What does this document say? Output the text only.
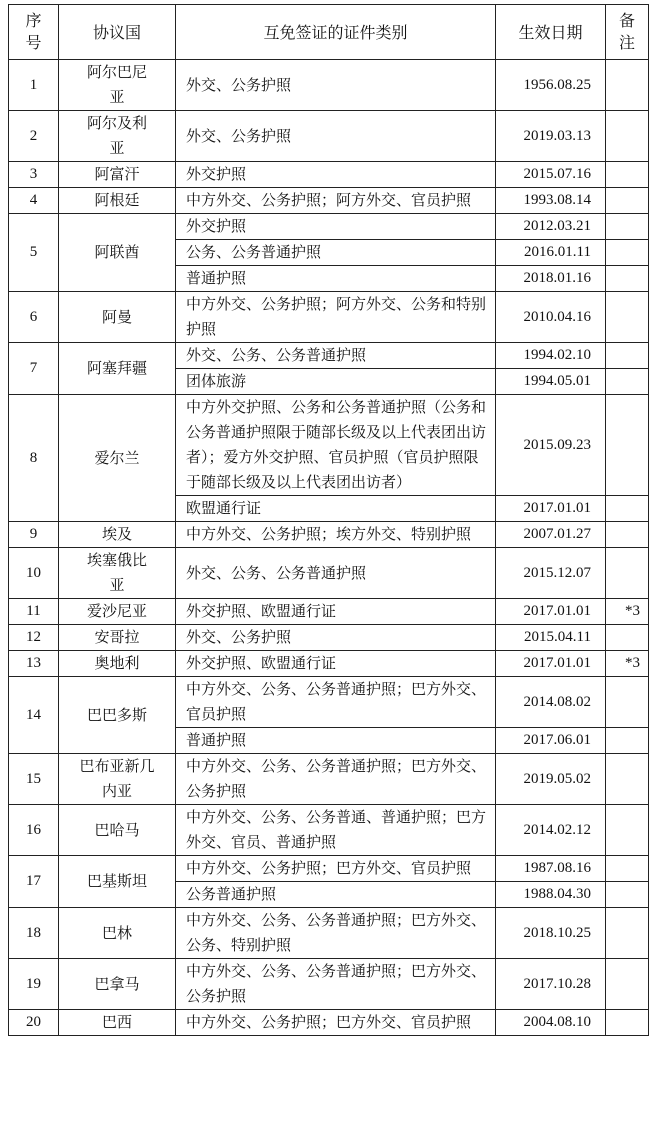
序号	协议国	互免签证的证件类别	生效日期	备注
1	阿尔巴尼亚	外交、公务护照	1956.08.25	
2	阿尔及利亚	外交、公务护照	2019.03.13	
3	阿富汗	外交护照	2015.07.16	
4	阿根廷	中方外交、公务护照；阿方外交、官员护照	1993.08.14	
5	阿联酋	外交护照	2012.03.21	
		公务、公务普通护照	2016.01.11	
		普通护照	2018.01.16	
6	阿曼	中方外交、公务护照；阿方外交、公务和特别护照	2010.04.16	
7	阿塞拜疆	外交、公务、公务普通护照	1994.02.10	
		团体旅游	1994.05.01	
8	爱尔兰	中方外交护照、公务和公务普通护照（公务和公务普通护照限于随部长级及以上代表团出访者）；爱方外交护照、官员护照（官员护照限于随部长级及以上代表团出访者）	2015.09.23	
		欧盟通行证	2017.01.01	
9	埃及	中方外交、公务护照；埃方外交、特别护照	2007.01.27	
10	埃塞俄比亚	外交、公务、公务普通护照	2015.12.07	
11	爱沙尼亚	外交护照、欧盟通行证	2017.01.01	*3
12	安哥拉	外交、公务护照	2015.04.11	
13	奥地利	外交护照、欧盟通行证	2017.01.01	*3
14	巴巴多斯	中方外交、公务、公务普通护照；巴方外交、官员护照	2014.08.02	
		普通护照	2017.06.01	
15	巴布亚新几内亚	中方外交、公务、公务普通护照；巴方外交、公务护照	2019.05.02	
16	巴哈马	中方外交、公务、公务普通、普通护照；巴方外交、官员、普通护照	2014.02.12	
17	巴基斯坦	中方外交、公务护照；巴方外交、官员护照	1987.08.16	
		公务普通护照	1988.04.30	
18	巴林	中方外交、公务、公务普通护照；巴方外交、公务、特别护照	2018.10.25	
19	巴拿马	中方外交、公务、公务普通护照；巴方外交、公务护照	2017.10.28	
20	巴西	中方外交、公务护照；巴方外交、官员护照	2004.08.10	
